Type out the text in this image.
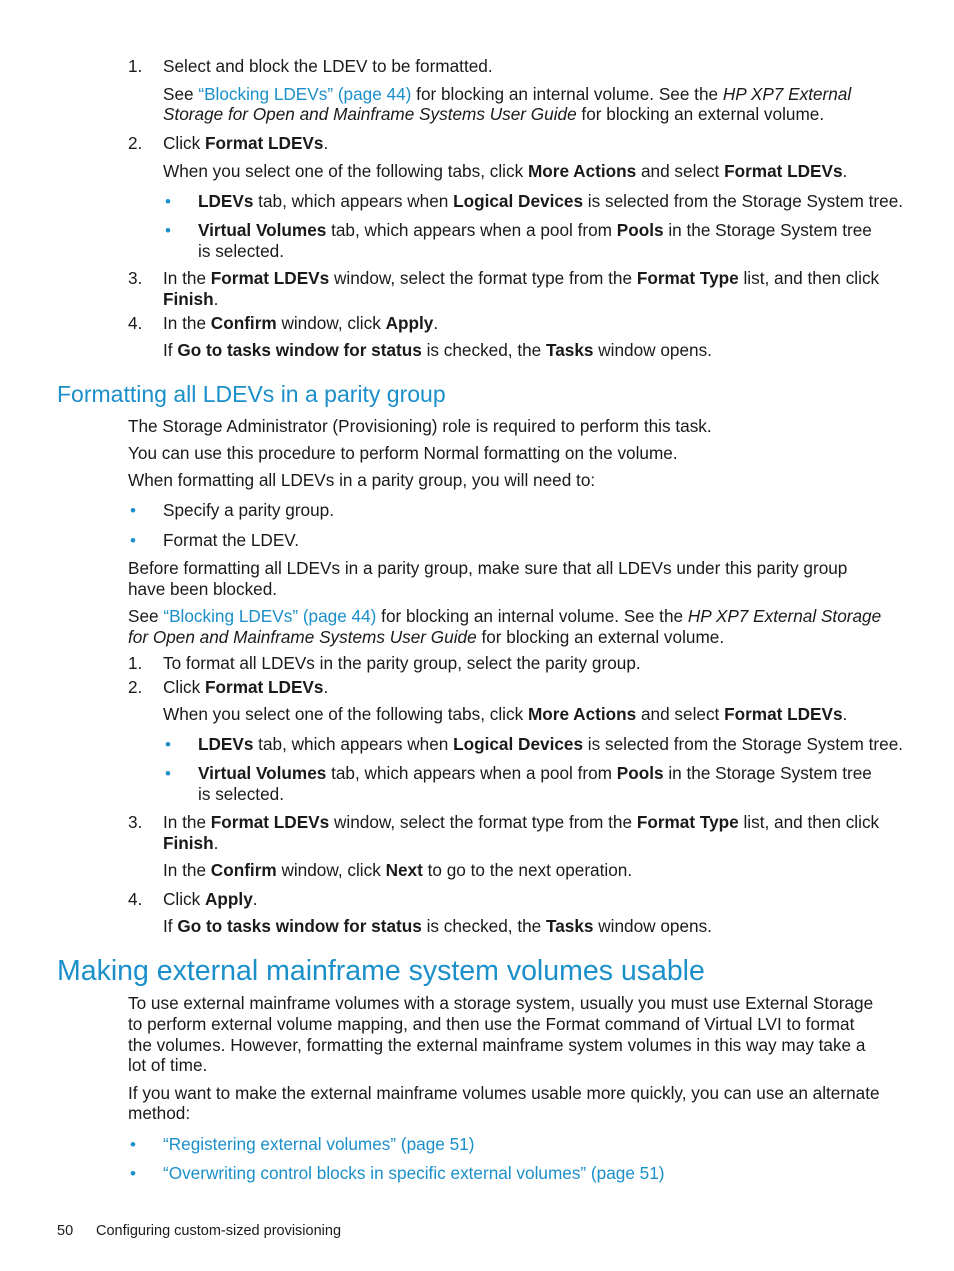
1. Select and block the LDEV to be formatted.

See “Blocking LDEVs” (page 44) for blocking an internal volume. See the HP XP7 External

Storage for Open and Mainframe Systems User Guide for blocking an external volume.

2. Click Format LDEVs.

When you select one of the following tabs, click More Actions and select Format LDEVs.

• LDEVs tab, which appears when Logical Devices is selected from the Storage System tree.

• Virtual Volumes tab, which appears when a pool from Pools in the Storage System tree

is selected.

3. In the Format LDEVs window, select the format type from the Format Type list, and then click

Finish.

4. In the Confirm window, click Apply.

If Go to tasks window for status is checked, the Tasks window opens.

Formatting all LDEVs in a parity group

The Storage Administrator (Provisioning) role is required to perform this task.

You can use this procedure to perform Normal formatting on the volume.

When formatting all LDEVs in a parity group, you will need to:

• Specify a parity group.

• Format the LDEV.

Before formatting all LDEVs in a parity group, make sure that all LDEVs under this parity group

have been blocked.

See “Blocking LDEVs” (page 44) for blocking an internal volume. See the HP XP7 External Storage

for Open and Mainframe Systems User Guide for blocking an external volume.

1. To format all LDEVs in the parity group, select the parity group.

2. Click Format LDEVs.

When you select one of the following tabs, click More Actions and select Format LDEVs.

• LDEVs tab, which appears when Logical Devices is selected from the Storage System tree.

• Virtual Volumes tab, which appears when a pool from Pools in the Storage System tree

is selected.

3. In the Format LDEVs window, select the format type from the Format Type list, and then click

Finish.

In the Confirm window, click Next to go to the next operation.

4. Click Apply.

If Go to tasks window for status is checked, the Tasks window opens.

Making external mainframe system volumes usable

To use external mainframe volumes with a storage system, usually you must use External Storage

to perform external volume mapping, and then use the Format command of Virtual LVI to format

the volumes. However, formatting the external mainframe system volumes in this way may take a

lot of time.

If you want to make the external mainframe volumes usable more quickly, you can use an alternate

method:

• “Registering external volumes” (page 51)

• “Overwriting control blocks in specific external volumes” (page 51)

50 Configuring custom-sized provisioning
